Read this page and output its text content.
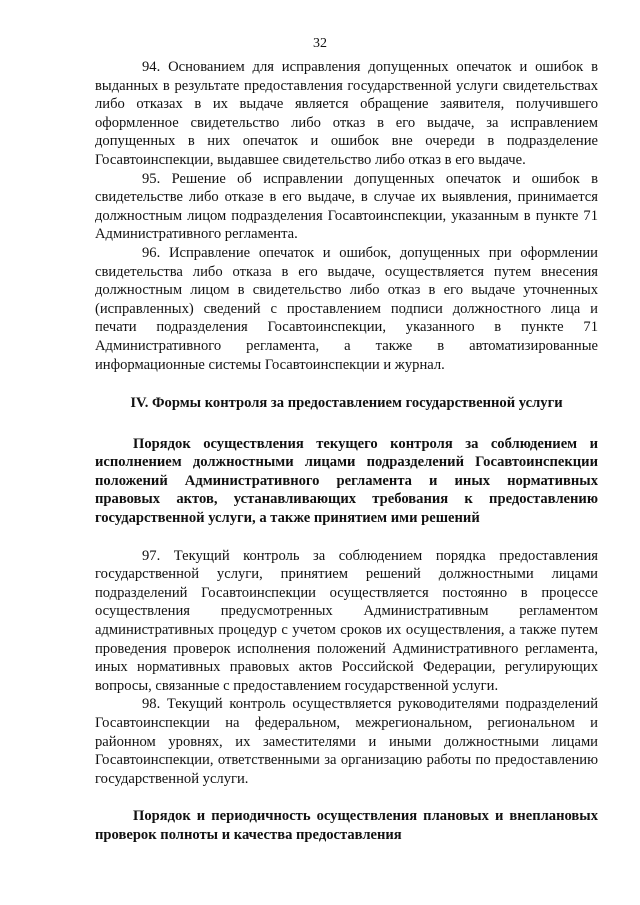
32

94. Основанием для исправления допущенных опечаток и ошибок в выданных в результате предоставления государственной услуги свидетельствах либо отказах в их выдаче является обращение заявителя, получившего оформленное свидетельство либо отказ в его выдаче, за исправлением допущенных в них опечаток и ошибок вне очереди в подразделение Госавтоинспекции, выдавшее свидетельство либо отказ в его выдаче.

95. Решение об исправлении допущенных опечаток и ошибок в свидетельстве либо отказе в его выдаче, в случае их выявления, принимается должностным лицом подразделения Госавтоинспекции, указанным в пункте 71 Административного регламента.

96. Исправление опечаток и ошибок, допущенных при оформлении свидетельства либо отказа в его выдаче, осуществляется путем внесения должностным лицом в свидетельство либо отказ в его выдаче уточненных (исправленных) сведений с проставлением подписи должностного лица и печати подразделения Госавтоинспекции, указанного в пункте 71 Административного регламента, а также в автоматизированные информационные системы Госавтоинспекции и журнал.

IV. Формы контроля за предоставлением государственной услуги

Порядок осуществления текущего контроля за соблюдением и исполнением должностными лицами подразделений Госавтоинспекции положений Административного регламента и иных нормативных правовых актов, устанавливающих требования к предоставлению государственной услуги, а также принятием ими решений

97. Текущий контроль за соблюдением порядка предоставления государственной услуги, принятием решений должностными лицами подразделений Госавтоинспекции осуществляется постоянно в процессе осуществления предусмотренных Административным регламентом административных процедур с учетом сроков их осуществления, а также путем проведения проверок исполнения положений Административного регламента, иных нормативных правовых актов Российской Федерации, регулирующих вопросы, связанные с предоставлением государственной услуги.

98. Текущий контроль осуществляется руководителями подразделений Госавтоинспекции на федеральном, межрегиональном, региональном и районном уровнях, их заместителями и иными должностными лицами Госавтоинспекции, ответственными за организацию работы по предоставлению государственной услуги.

Порядок и периодичность осуществления плановых и внеплановых проверок полноты и качества предоставления
